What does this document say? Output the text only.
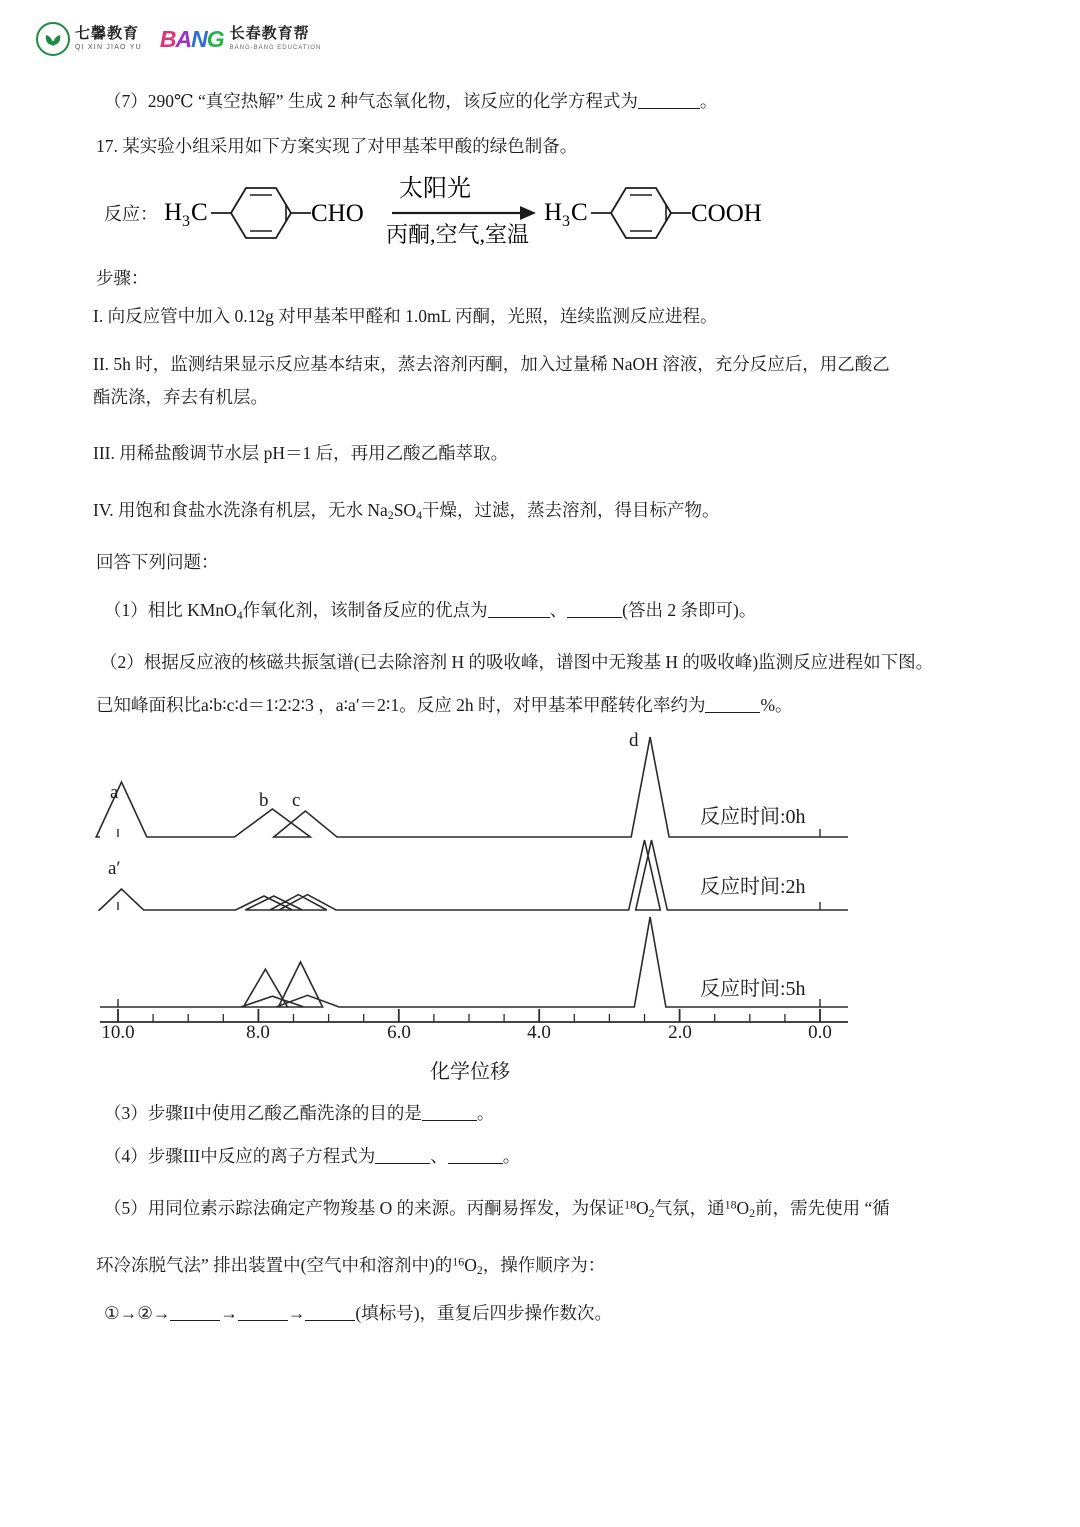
七馨教育
QI XIN JIAO YU BANG 长春教育帮
BANG-BANG EDUCATION
（7）290℃ “真空热解” 生成 2 种气态氧化物，该反应的化学方程式为	。
17. 某实验小组采用如下方案实现了对甲基苯甲酸的绿色制备。
反应： H 3 C	CHO
太阳光
丙酮,空气,室温
H 3 C	COOH
步骤：
I. 向反应管中加入 0.12g 对甲基苯甲醛和 1.0mL 丙酮，光照，连续监测反应进程。
II. 5h 时，监测结果显示反应基本结束，蒸去溶剂丙酮，加入过量稀 NaOH 溶液，充分反应后，用乙酸乙
酯洗涤，弃去有机层。
III. 用稀盐酸调节水层 pH＝1 后，再用乙酸乙酯萃取。
IV. 用饱和食盐水洗涤有机层，无水 $Na_2SO_4$干燥，过滤，蒸去溶剂，得目标产物。
回答下列问题：
（1）相比 KMnO$_4$作氧化剂，该制备反应的优点为	、	(答出 2 条即可)。
（2）根据反应液的核磁共振氢谱(已去除溶剂 H 的吸收峰，谱图中无羧基 H 的吸收峰)监测反应进程如下图。
已知峰面积比a∶b∶c∶d＝1∶2∶2∶3 ，a∶a′＝2∶1。反应 2h 时，对甲基苯甲醛转化率约为	%。
反应时间:0h
反应时间:2h
反应时间:5h
a	b c
d
a′
10.0	8.0	6.0	4.0	2.0	0.0
化学位移
（3）步骤II中使用乙酸乙酯洗涤的目的是	。
（4）步骤III中反应的离子方程式为	、	。
（5）用同位素示踪法确定产物羧基 O 的来源。丙酮易挥发，为保证$^{18}O_2$气氛，通$^{18}O_2$前，需先使用 “循
环冷冻脱气法” 排出装置中(空气中和溶剂中)的$^{16}O_2$，操作顺序为：
①→②→	→	→	(填标号)，重复后四步操作数次。
